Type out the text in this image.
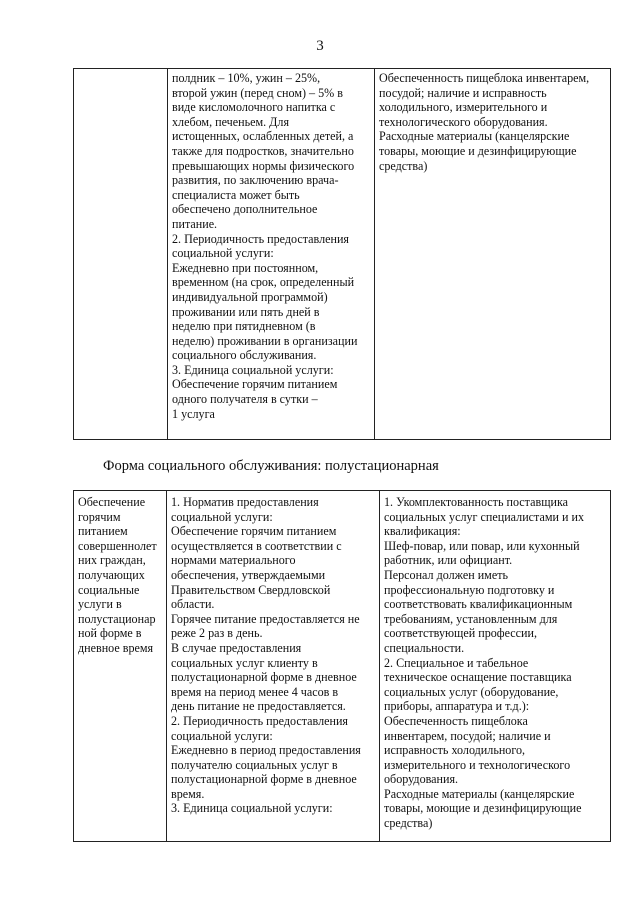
3
	полдник – 10%, ужин – 25%,
второй ужин (перед сном) – 5% в
виде кисломолочного напитка с
хлебом, печеньем. Для
истощенных, ослабленных детей, а
также для подростков, значительно
превышающих нормы физического
развития, по заключению врача-
специалиста может быть
обеспечено дополнительное
питание.
2. Периодичность предоставления
социальной услуги:
Ежедневно при постоянном,
временном (на срок, определенный
индивидуальной программой)
проживании или пять дней в
неделю при пятидневном (в
неделю) проживании в организации
социального обслуживания.
3. Единица социальной услуги:
Обеспечение горячим питанием
одного получателя в сутки –
1 услуга	Обеспеченность пищеблока инвентарем,
посудой; наличие и исправность
холодильного, измерительного и
технологического оборудования.
Расходные материалы (канцелярские
товары, моющие и дезинфицирующие
средства)
Форма социального обслуживания: полустационарная
Обеспечение
горячим
питанием
совершеннолет
них граждан,
получающих
социальные
услуги в
полустационар
ной форме в
дневное время	1. Норматив предоставления
социальной услуги:
Обеспечение горячим питанием
осуществляется в соответствии с
нормами материального
обеспечения, утверждаемыми
Правительством Свердловской
области.
Горячее питание предоставляется не
реже 2 раз в день.
В случае предоставления
социальных услуг клиенту в
полустационарной форме в дневное
время на период менее 4 часов в
день питание не предоставляется.
2. Периодичность предоставления
социальной услуги:
Ежедневно в период предоставления
получателю социальных услуг в
полустационарной форме в дневное
время.
3. Единица социальной услуги:	1. Укомплектованность поставщика
социальных услуг специалистами и их
квалификация:
Шеф-повар, или повар, или кухонный
работник, или официант.
Персонал должен иметь
профессиональную подготовку и
соответствовать квалификационным
требованиям, установленным для
соответствующей профессии,
специальности.
2. Специальное и табельное
техническое оснащение поставщика
социальных услуг (оборудование,
приборы, аппаратура и т.д.):
Обеспеченность пищеблока
инвентарем, посудой; наличие и
исправность холодильного,
измерительного и технологического
оборудования.
Расходные материалы (канцелярские
товары, моющие и дезинфицирующие
средства)
